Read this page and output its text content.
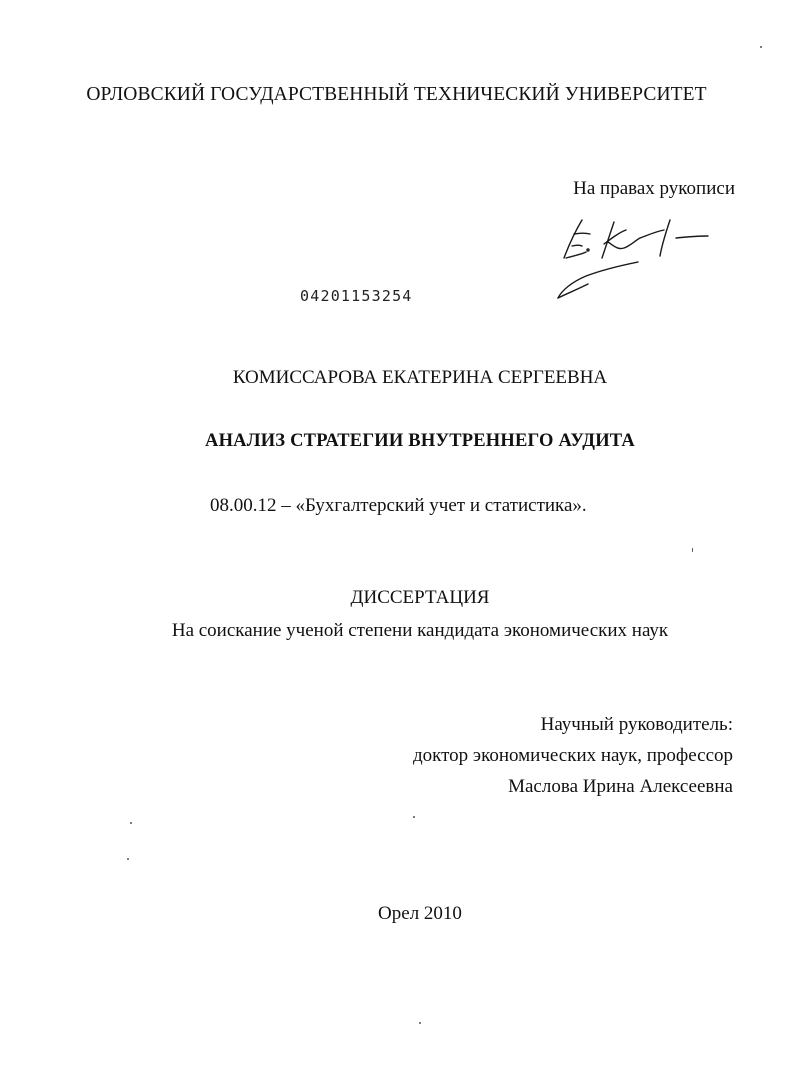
ОРЛОВСКИЙ ГОСУДАРСТВЕННЫЙ ТЕХНИЧЕСКИЙ УНИВЕРСИТЕТ
На правах рукописи
04201153254
КОМИССАРОВА ЕКАТЕРИНА СЕРГЕЕВНА
АНАЛИЗ СТРАТЕГИИ ВНУТРЕННЕГО АУДИТА
08.00.12 – «Бухгалтерский учет и статистика».
ДИССЕРТАЦИЯ
На соискание ученой степени кандидата экономических наук
Научный руководитель:
доктор экономических наук, профессор
Маслова Ирина Алексеевна
Орел 2010
